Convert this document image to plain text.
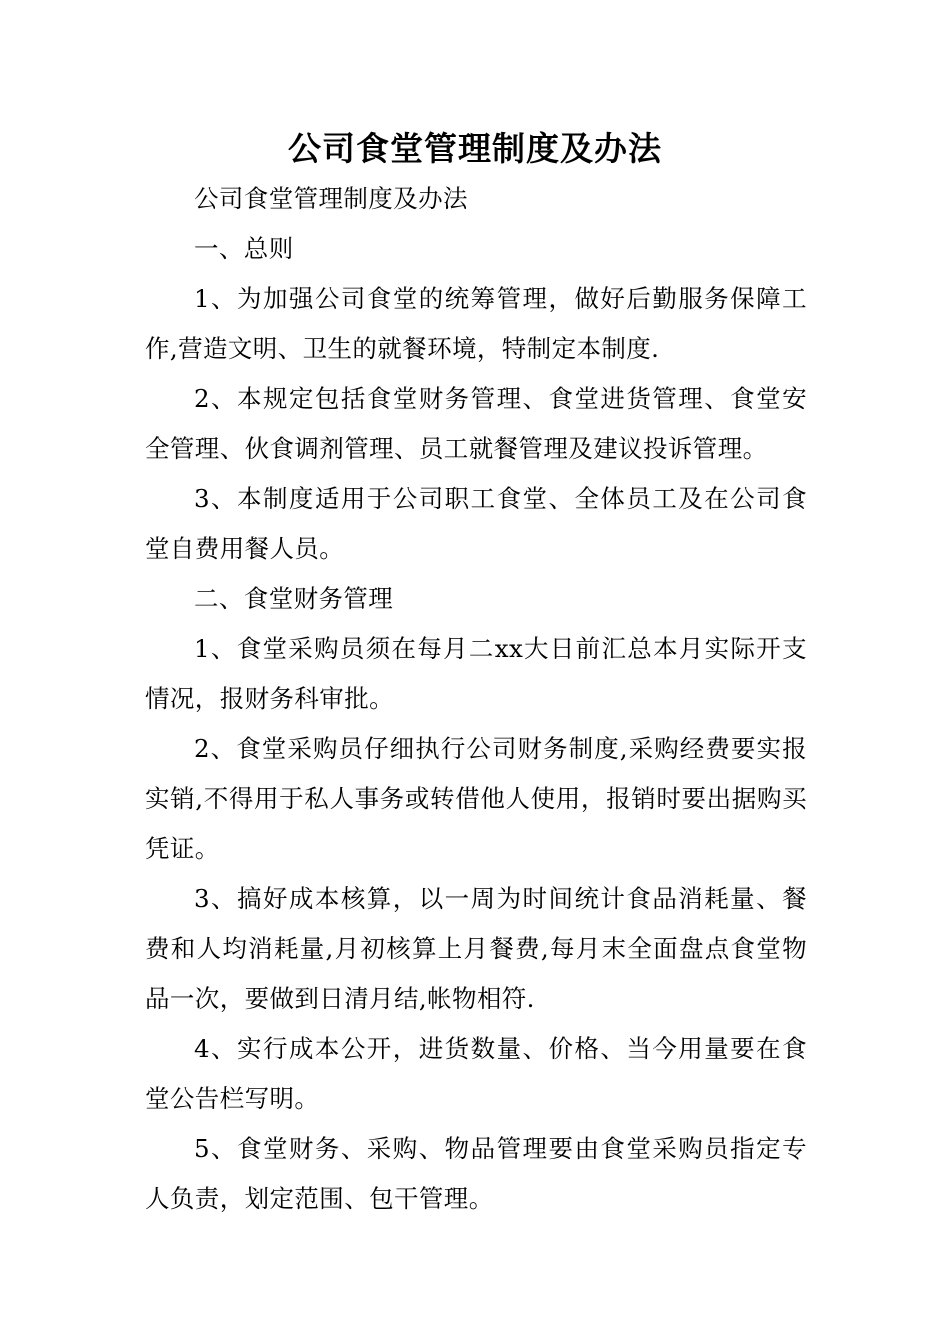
公司食堂管理制度及办法

公司食堂管理制度及办法

一、总则

1、为加强公司食堂的统筹管理，做好后勤服务保障工作,营造文明、卫生的就餐环境，特制定本制度.

2、本规定包括食堂财务管理、食堂进货管理、食堂安全管理、伙食调剂管理、员工就餐管理及建议投诉管理。

3、本制度适用于公司职工食堂、全体员工及在公司食堂自费用餐人员。

二、食堂财务管理

1、食堂采购员须在每月二xx大日前汇总本月实际开支情况，报财务科审批。

2、食堂采购员仔细执行公司财务制度,采购经费要实报实销,不得用于私人事务或转借他人使用，报销时要出据购买凭证。

3、搞好成本核算，以一周为时间统计食品消耗量、餐费和人均消耗量,月初核算上月餐费,每月末全面盘点食堂物品一次，要做到日清月结,帐物相符.

4、实行成本公开，进货数量、价格、当今用量要在食堂公告栏写明。

5、食堂财务、采购、物品管理要由食堂采购员指定专人负责，划定范围、包干管理。
